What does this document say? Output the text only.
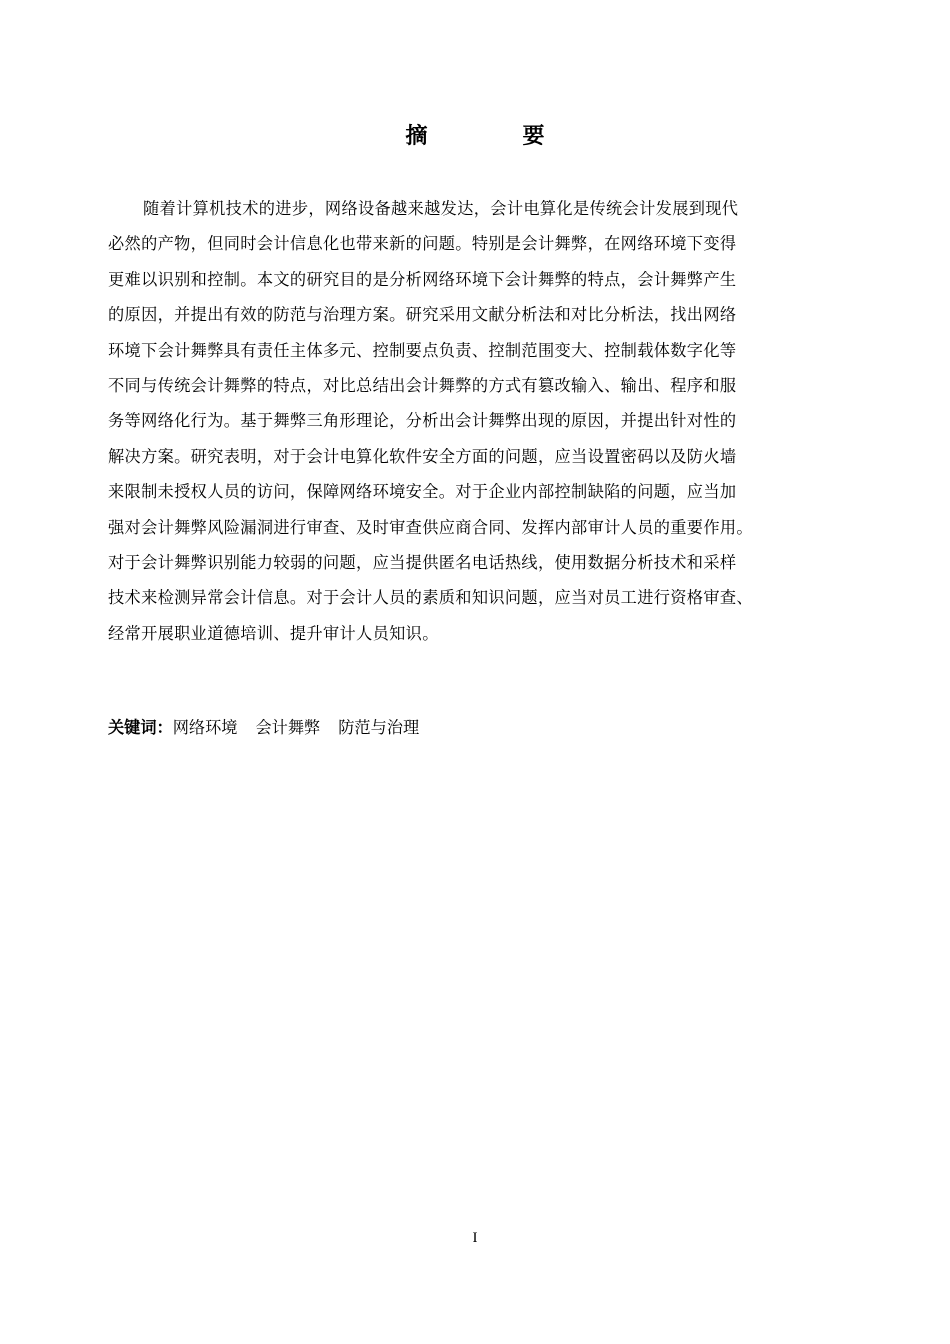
摘要
随着计算机技术的进步，网络设备越来越发达，会计电算化是传统会计发展到现代
必然的产物，但同时会计信息化也带来新的问题。特别是会计舞弊，在网络环境下变得
更难以识别和控制。本文的研究目的是分析网络环境下会计舞弊的特点，会计舞弊产生
的原因，并提出有效的防范与治理方案。研究采用文献分析法和对比分析法，找出网络
环境下会计舞弊具有责任主体多元、控制要点负责、控制范围变大、控制载体数字化等
不同与传统会计舞弊的特点，对比总结出会计舞弊的方式有篡改输入、输出、程序和服
务等网络化行为。基于舞弊三角形理论，分析出会计舞弊出现的原因，并提出针对性的
解决方案。研究表明，对于会计电算化软件安全方面的问题，应当设置密码以及防火墙
来限制未授权人员的访问，保障网络环境安全。对于企业内部控制缺陷的问题，应当加
强对会计舞弊风险漏洞进行审查、及时审查供应商合同、发挥内部审计人员的重要作用。
对于会计舞弊识别能力较弱的问题，应当提供匿名电话热线，使用数据分析技术和采样
技术来检测异常会计信息。对于会计人员的素质和知识问题，应当对员工进行资格审查、
经常开展职业道德培训、提升审计人员知识。
关键词：网络环境 会计舞弊 防范与治理
I
